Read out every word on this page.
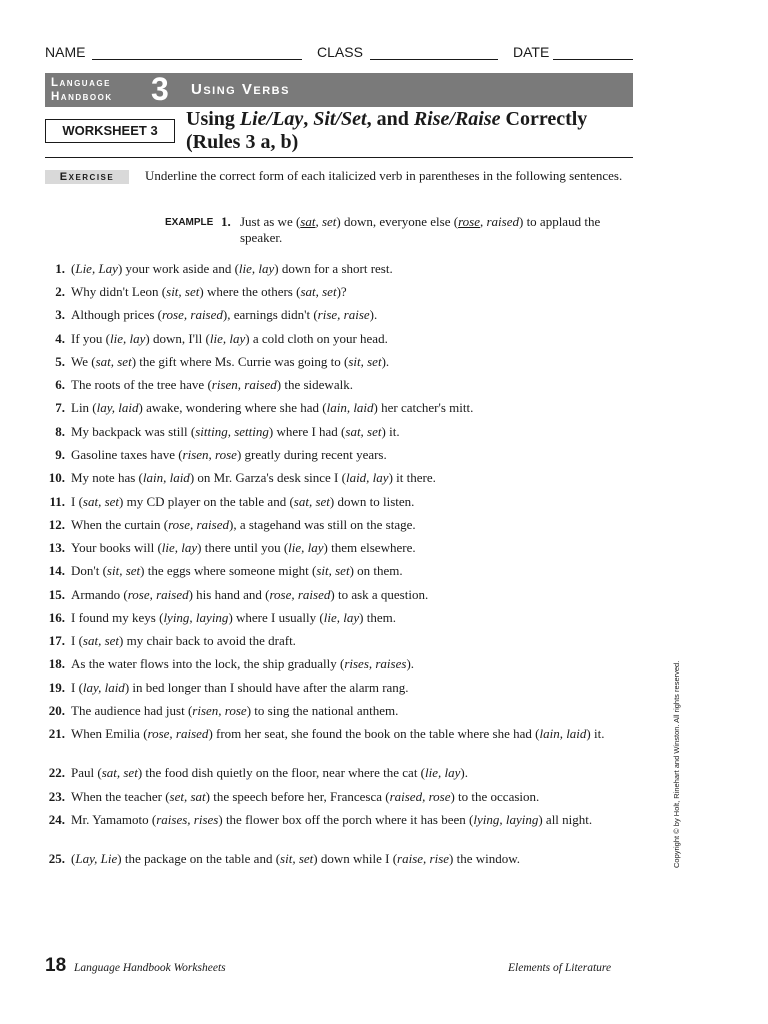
NAME	CLASS	DATE
Language
Handbook 3 Using Verbs
WORKSHEET 3
Using Lie/Lay, Sit/Set, and Rise/Raise Correctly
(Rules 3 a, b)
Underline the correct form of each italicized verb in parentheses in the following sentences.
Exercise
EXAMPLE 1. Just as we (sat, set) down, everyone else (rose, raised) to applaud the speaker.
1. (Lie, Lay) your work aside and (lie, lay) down for a short rest.
2. Why didn't Leon (sit, set) where the others (sat, set)?
3. Although prices (rose, raised), earnings didn't (rise, raise).
4. If you (lie, lay) down, I'll (lie, lay) a cold cloth on your head.
5. We (sat, set) the gift where Ms. Currie was going to (sit, set).
6. The roots of the tree have (risen, raised) the sidewalk.
7. Lin (lay, laid) awake, wondering where she had (lain, laid) her catcher's mitt.
8. My backpack was still (sitting, setting) where I had (sat, set) it.
9. Gasoline taxes have (risen, rose) greatly during recent years.
10. My note has (lain, laid) on Mr. Garza's desk since I (laid, lay) it there.
11. I (sat, set) my CD player on the table and (sat, set) down to listen.
12. When the curtain (rose, raised), a stagehand was still on the stage.
13. Your books will (lie, lay) there until you (lie, lay) them elsewhere.
14. Don't (sit, set) the eggs where someone might (sit, set) on them.
15. Armando (rose, raised) his hand and (rose, raised) to ask a question.
16. I found my keys (lying, laying) where I usually (lie, lay) them.
17. I (sat, set) my chair back to avoid the draft.
18. As the water flows into the lock, the ship gradually (rises, raises).
19. I (lay, laid) in bed longer than I should have after the alarm rang.
20. The audience had just (risen, rose) to sing the national anthem.
21. When Emilia (rose, raised) from her seat, she found the book on the table where she had (lain, laid) it.
22. Paul (sat, set) the food dish quietly on the floor, near where the cat (lie, lay).
23. When the teacher (set, sat) the speech before her, Francesca (raised, rose) to the occasion.
24. Mr. Yamamoto (raises, rises) the flower box off the porch where it has been (lying, laying) all night.
25. (Lay, Lie) the package on the table and (sit, set) down while I (raise, rise) the window.	Copyright © by Holt, Rinehart and Winston. All rights reserved.
18 Language Handbook Worksheets	Elements of Literature
